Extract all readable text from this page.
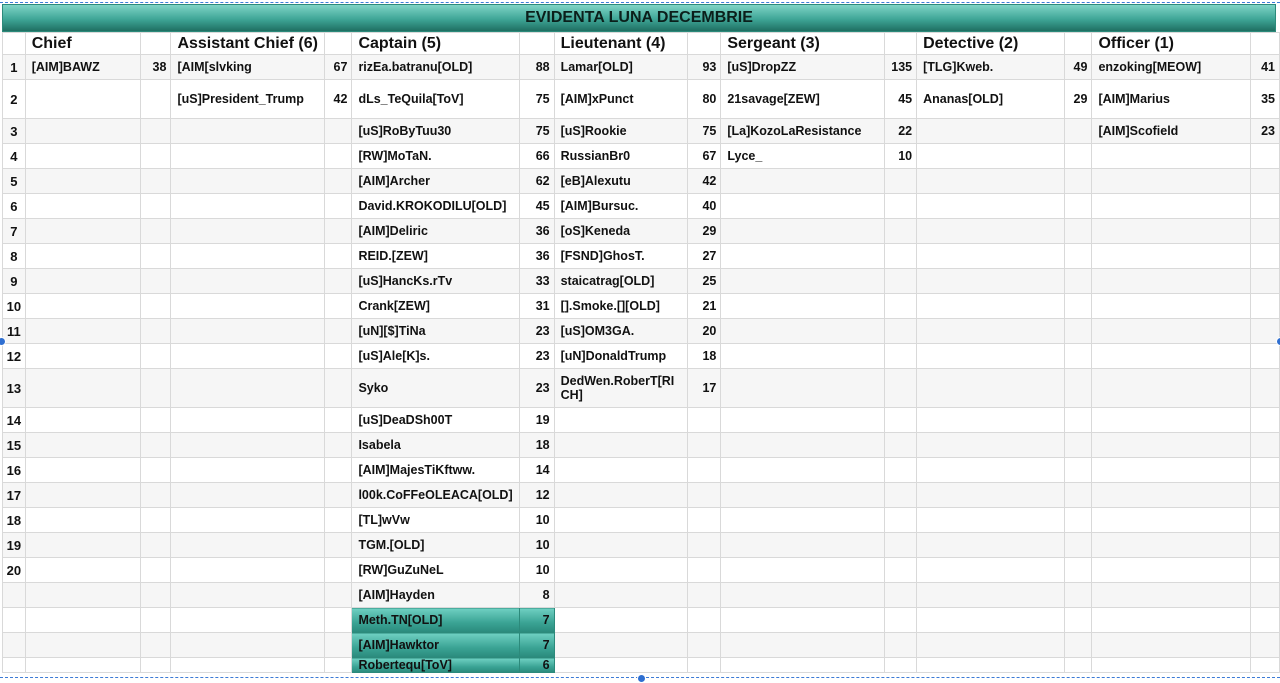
EVIDENTA LUNA DECEMBRIE
	Chief		Assistant Chief (6)		Captain (5)		Lieutenant (4)		Sergeant (3)		Detective (2)		Officer (1)	
1	[AIM]BAWZ	38	[AIM[slvking	67	rizEa.batranu[OLD]	88	Lamar[OLD]	93	[uS]DropZZ	135	[TLG]Kweb.	49	enzoking[MEOW]	41
2			[uS]President_Trump	42	dLs_TeQuila[ToV]	75	[AIM]xPunct	80	21savage[ZEW]	45	Ananas[OLD]	29	[AIM]Marius	35
3					[uS]RoByTuu30	75	[uS]Rookie	75	[La]KozoLaResistance	22			[AIM]Scofield	23
4					[RW]MoTaN.	66	RussianBr0	67	Lyce_	10				
5					[AIM]Archer	62	[eB]Alexutu	42						
6					David.KROKODILU[OLD]	45	[AIM]Bursuc.	40						
7					[AIM]Deliric	36	[oS]Keneda	29						
8					REID.[ZEW]	36	[FSND]GhosT.	27						
9					[uS]HancKs.rTv	33	staicatrag[OLD]	25						
10					Crank[ZEW]	31	[].Smoke.[][OLD]	21						
11					[uN][$]TiNa	23	[uS]OM3GA.	20						
12					[uS]Ale[K]s.	23	[uN]DonaldTrump	18						
13					Syko	23	DedWen.RoberT[RICH]	17						
14					[uS]DeaDSh00T	19								
15					Isabela	18								
16					[AIM]MajesTiKftww.	14								
17					l00k.CoFFeOLEACA[OLD]	12								
18					[TL]wVw	10								
19					TGM.[OLD]	10								
20					[RW]GuZuNeL	10								
					[AIM]Hayden	8								
					Meth.TN[OLD]	7								
					[AIM]Hawktor	7								
					Robertequ[ToV]	6								
